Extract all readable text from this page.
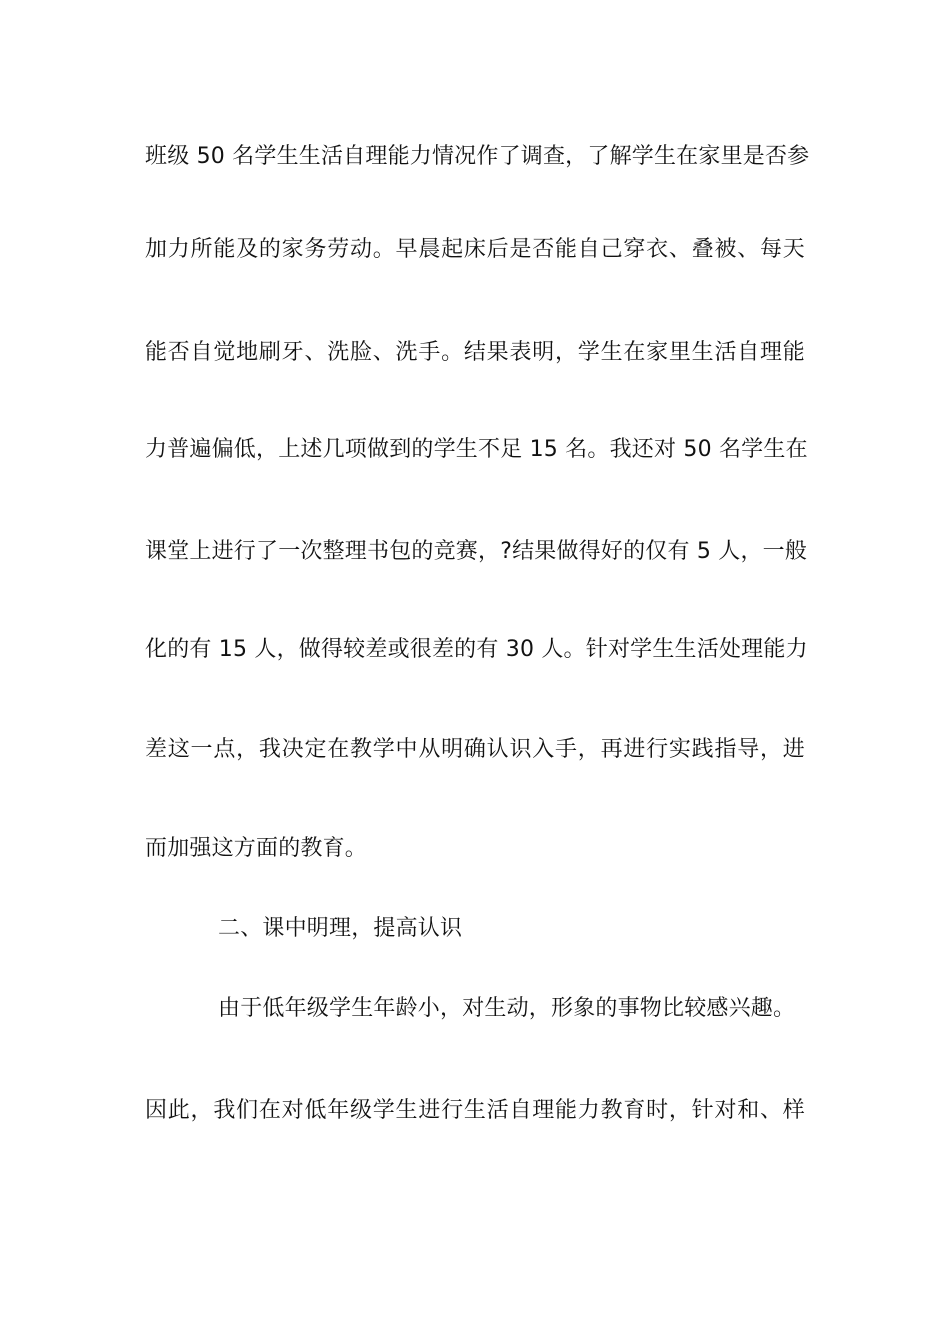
班级 50 名学生生活自理能力情况作了调查，了解学生在家里是否参
加力所能及的家务劳动。早晨起床后是否能自己穿衣、叠被、每天
能否自觉地刷牙、洗脸、洗手。结果表明，学生在家里生活自理能
力普遍偏低，上述几项做到的学生不足 15 名。我还对 50 名学生在
课堂上进行了一次整理书包的竞赛，?结果做得好的仅有 5 人，一般
化的有 15 人，做得较差或很差的有 30 人。针对学生生活处理能力
差这一点，我决定在教学中从明确认识入手，再进行实践指导，进
而加强这方面的教育。
二、课中明理，提高认识
由于低年级学生年龄小，对生动，形象的事物比较感兴趣。
因此，我们在对低年级学生进行生活自理能力教育时，针对和、样
